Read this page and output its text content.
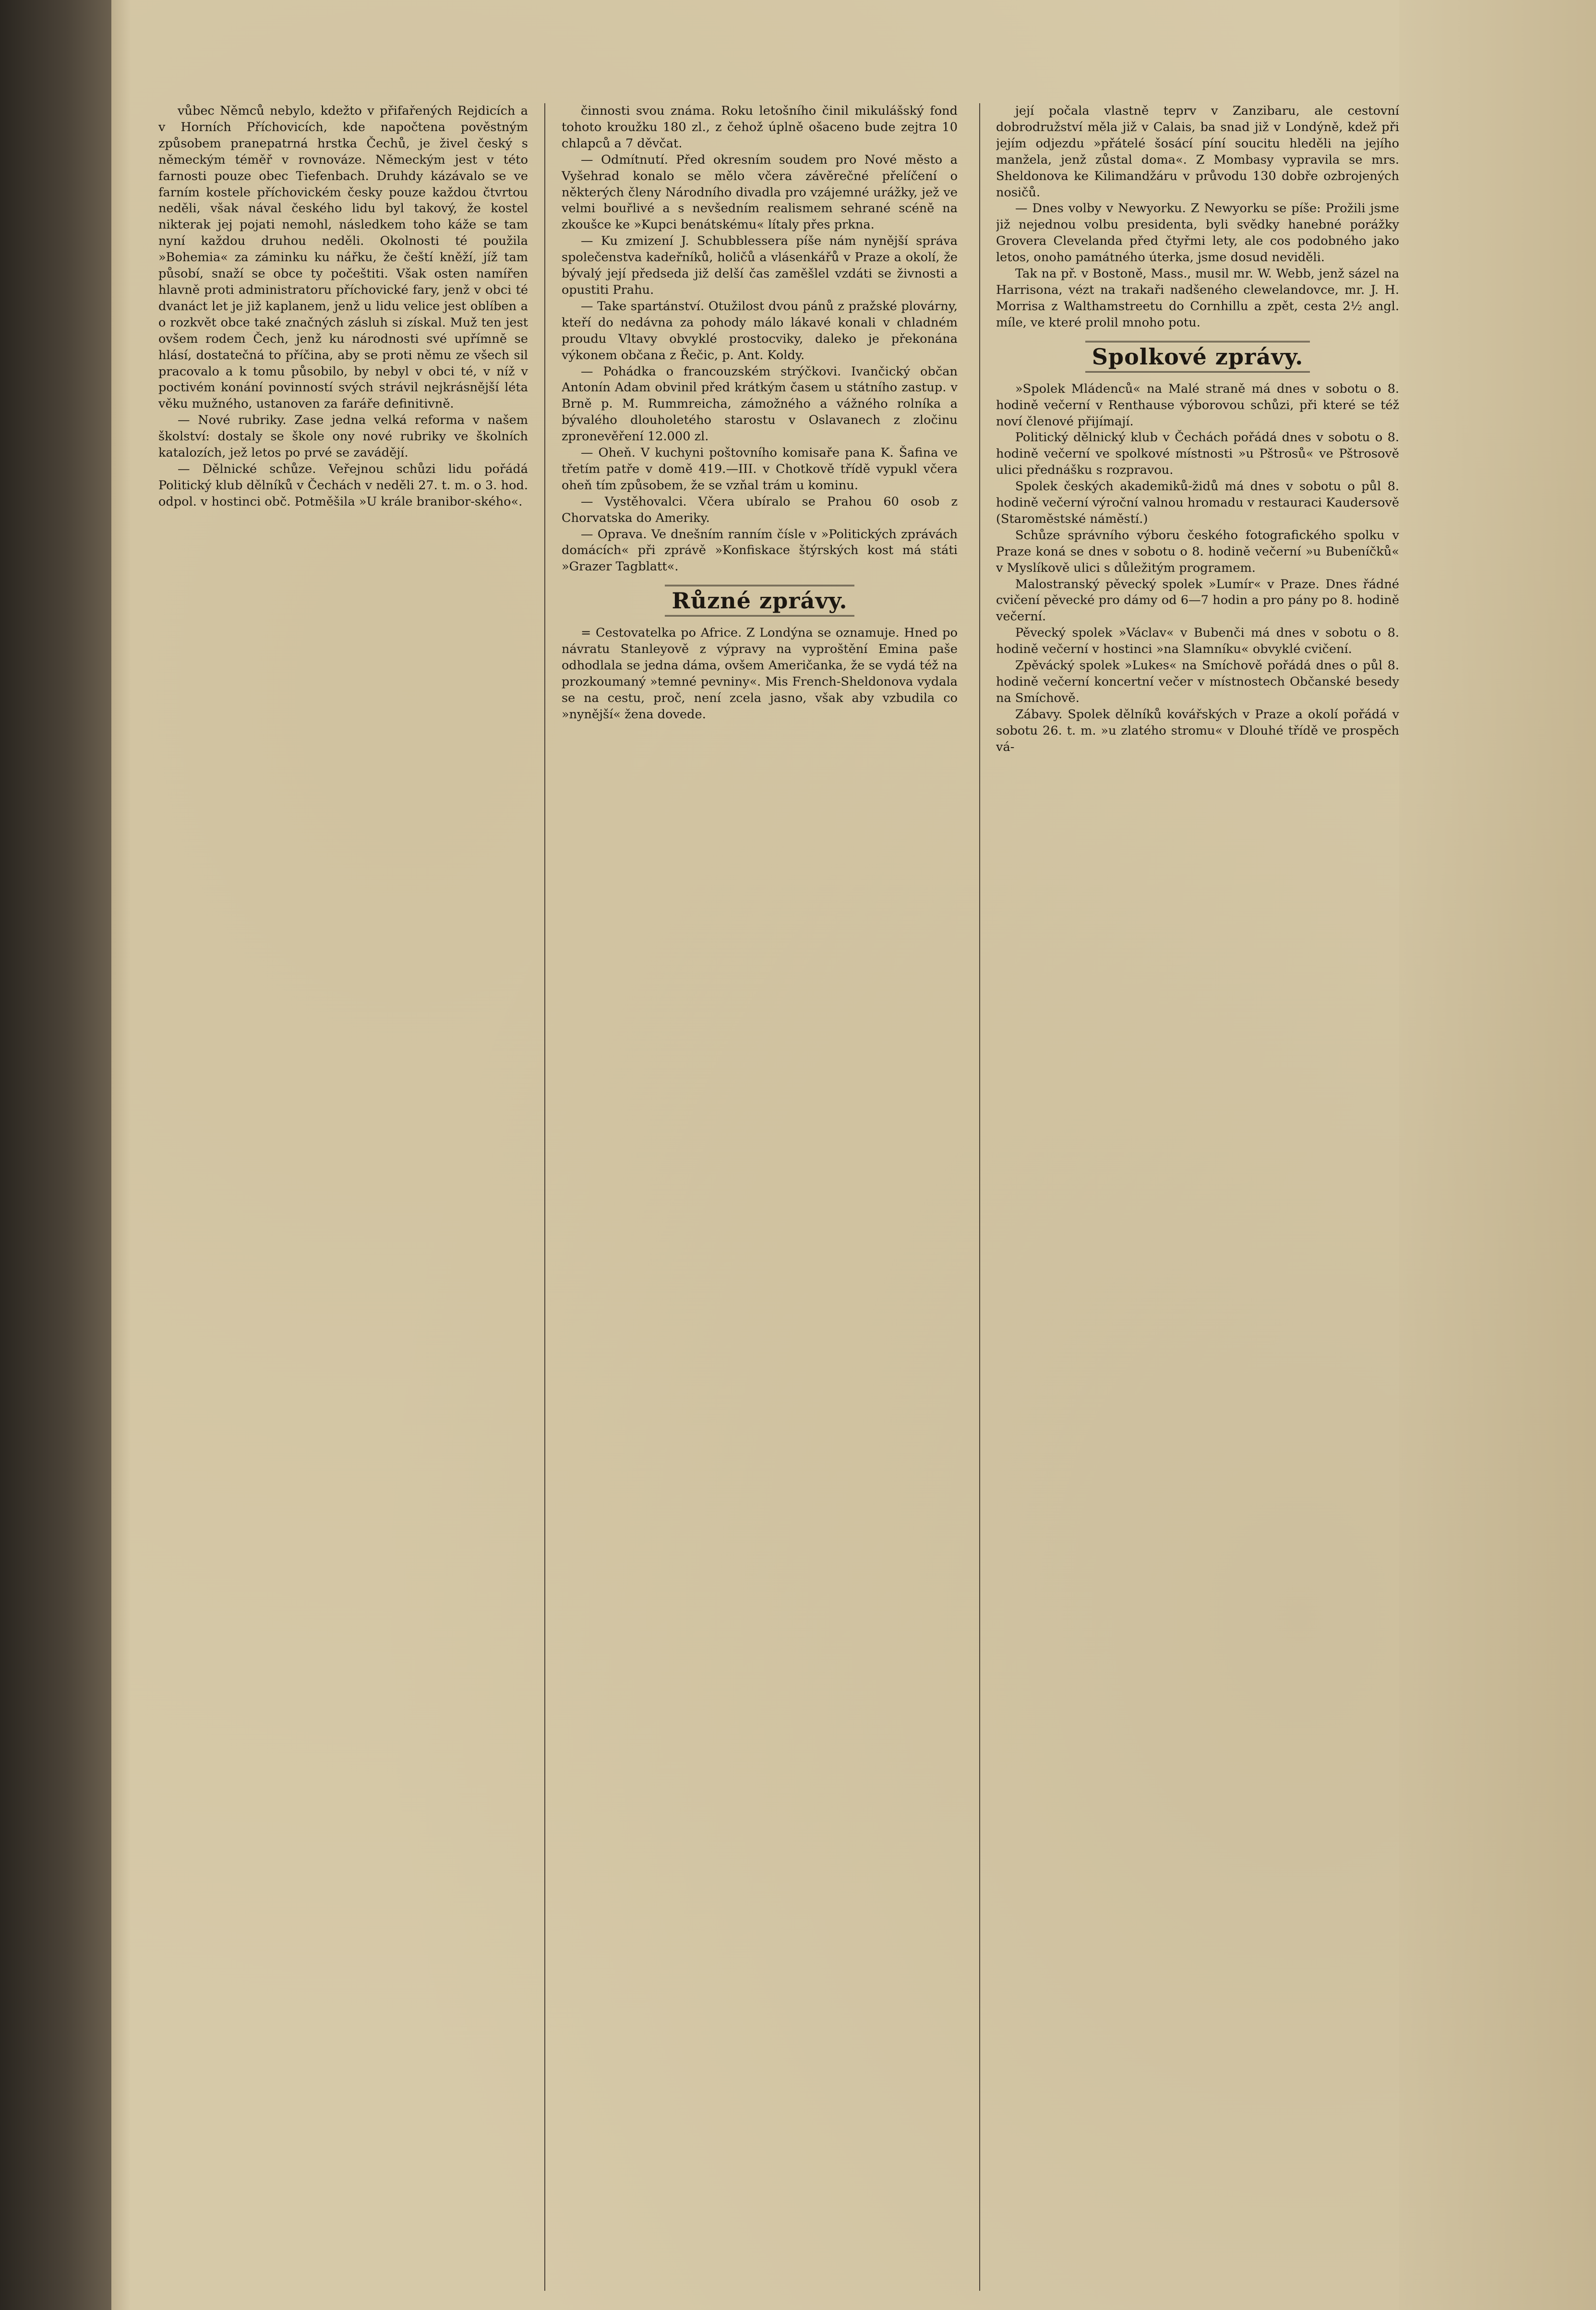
vůbec Němců nebylo, kdežto v přifařených Rejdicích a v Horních Příchovicích, kde napočtena pověstným způsobem pranepatrná hrstka Čechů, je živel český s německým téměř v rovnováze. Německým jest v této farnosti pouze obec Tiefenbach. Druhdy kázávalo se ve farním kostele příchovickém česky pouze každou čtvrtou neděli, však nával českého lidu byl takový, že kostel nikterak jej pojati nemohl, následkem toho káže se tam nyní každou druhou neděli. Okolnosti té použila »Bohemia« za záminku ku nářku, že čeští kněží, jíž tam působí, snaží se obce ty počeštiti. Však osten namířen hlavně proti administratoru příchovické fary, jenž v obci té dvanáct let je již kaplanem, jenž u lidu velice jest oblíben a o rozkvět obce také značných zásluh si získal. Muž ten jest ovšem rodem Čech, jenž ku národnosti své upřímně se hlásí, dostatečná to příčina, aby se proti němu ze všech sil pracovalo a k tomu působilo, by nebyl v obci té, v níž v poctivém konání povinností svých strávil nejkrásnější léta věku mužného, ustanoven za faráře definitivně.

— Nové rubriky. Zase jedna velká reforma v našem školství: dostaly se škole ony nové rubriky ve školních katalozích, jež letos po prvé se zavádějí.

— Dělnické schůze. Veřejnou schůzi lidu pořádá Politický klub dělníků v Čechách v neděli 27. t. m. o 3. hod. odpol. v hostinci obč. Potměšila »U krále branibor-ského«.

činnosti svou známa. Roku letošního činil mikulášský fond tohoto kroužku 180 zl., z čehož úplně ošaceno bude zejtra 10 chlapců a 7 děvčat.

— Odmítnutí. Před okresním soudem pro Nové město a Vyšehrad konalo se mělo včera závěrečné přelíčení o některých členy Národního divadla pro vzájemné urážky, jež ve velmi bouřlivé a s nevšedním realismem sehrané scéně na zkoušce ke »Kupci benátskému« lítaly přes prkna.

— Ku zmizení J. Schubblessera píše nám nynější správa společenstva kadeřníků, holičů a vlásenkářů v Praze a okolí, že bývalý její předseda již delší čas zaměšlel vzdáti se živnosti a opustiti Prahu.

— Take spartánství. Otužilost dvou pánů z pražské plovárny, kteří do nedávna za pohody málo lákavé konali v chladném proudu Vltavy obvyklé prostocviky, daleko je překonána výkonem občana z Řečic, p. Ant. Koldy.

— Pohádka o francouzském strýčkovi. Ivančický občan Antonín Adam obvinil před krátkým časem u státního zastup. v Brně p. M. Rummreicha, zámožného a vážného rolníka a bývalého dlouholetého starostu v Oslavanech z zločinu zpronevěření 12.000 zl.

— Oheň. V kuchyni poštovního komisaře pana K. Šafina ve třetím patře v domě 419.—III. v Chotkově třídě vypukl včera oheň tím způsobem, že se vzňal trám u kominu.

— Vystěhovalci. Včera ubíralo se Prahou 60 osob z Chorvatska do Ameriky.

— Oprava. Ve dnešním ranním čísle v »Politických zprávách domácích« při zprávě »Konfiskace štýrských kost má státi »Grazer Tagblatt«.

Různé zprávy.

= Cestovatelka po Africe. Z Londýna se oznamuje. Hned po návratu Stanleyově z výpravy na vyproštění Emina paše odhodlala se jedna dáma, ovšem Američanka, že se vydá též na prozkoumaný »temné pevniny«. Mis French-Sheldonova vydala se na cestu, proč, není zcela jasno, však aby vzbudila co »nynější« žena dovede.

její počala vlastně teprv v Zanzibaru, ale cestovní dobrodružství měla již v Calais, ba snad již v Londýně, kdež při jejím odjezdu »přátelé šosácí píní soucitu hleděli na jejího manžela, jenž zůstal doma«. Z Mombasy vypravila se mrs. Sheldonova ke Kilimandžáru v průvodu 130 dobře ozbrojených nosičů.

— Dnes volby v Newyorku. Z Newyorku se píše: Prožili jsme již nejednou volbu presidenta, byli svědky hanebné porážky Grovera Clevelanda před čtyřmi lety, ale cos podobného jako letos, onoho památného úterka, jsme dosud neviděli.

Tak na př. v Bostoně, Mass., musil mr. W. Webb, jenž sázel na Harrisona, vézt na trakaři nadšeného clewelandovce, mr. J. H. Morrisa z Walthamstreetu do Cornhillu a zpět, cesta 2½ angl. míle, ve které prolil mnoho potu.

Spolkové zprávy.

»Spolek Mládenců« na Malé straně má dnes v sobotu o 8. hodině večerní v Renthause výborovou schůzi, při které se též noví členové přijímají.

Politický dělnický klub v Čechách pořádá dnes v sobotu o 8. hodině večerní ve spolkové místnosti »u Pštrosů« ve Pštrosově ulici přednášku s rozpravou.

Spolek českých akademiků-židů má dnes v sobotu o půl 8. hodině večerní výroční valnou hromadu v restauraci Kaudersově (Staroměstské náměstí.)

Schůze správního výboru českého fotografického spolku v Praze koná se dnes v sobotu o 8. hodině večerní »u Bubeníčků« v Myslíkově ulici s důležitým programem.

Malostranský pěvecký spolek »Lumír« v Praze. Dnes řádné cvičení pěvecké pro dámy od 6—7 hodin a pro pány po 8. hodině večerní.

Pěvecký spolek »Václav« v Bubenči má dnes v sobotu o 8. hodině večerní v hostinci »na Slamníku« obvyklé cvičení.

Zpěvácký spolek »Lukes« na Smíchově pořádá dnes o půl 8. hodině večerní koncertní večer v místnostech Občanské besedy na Smíchově.

Zábavy. Spolek dělníků kovářských v Praze a okolí pořádá v sobotu 26. t. m. »u zlatého stromu« v Dlouhé třídě ve prospěch vá-
